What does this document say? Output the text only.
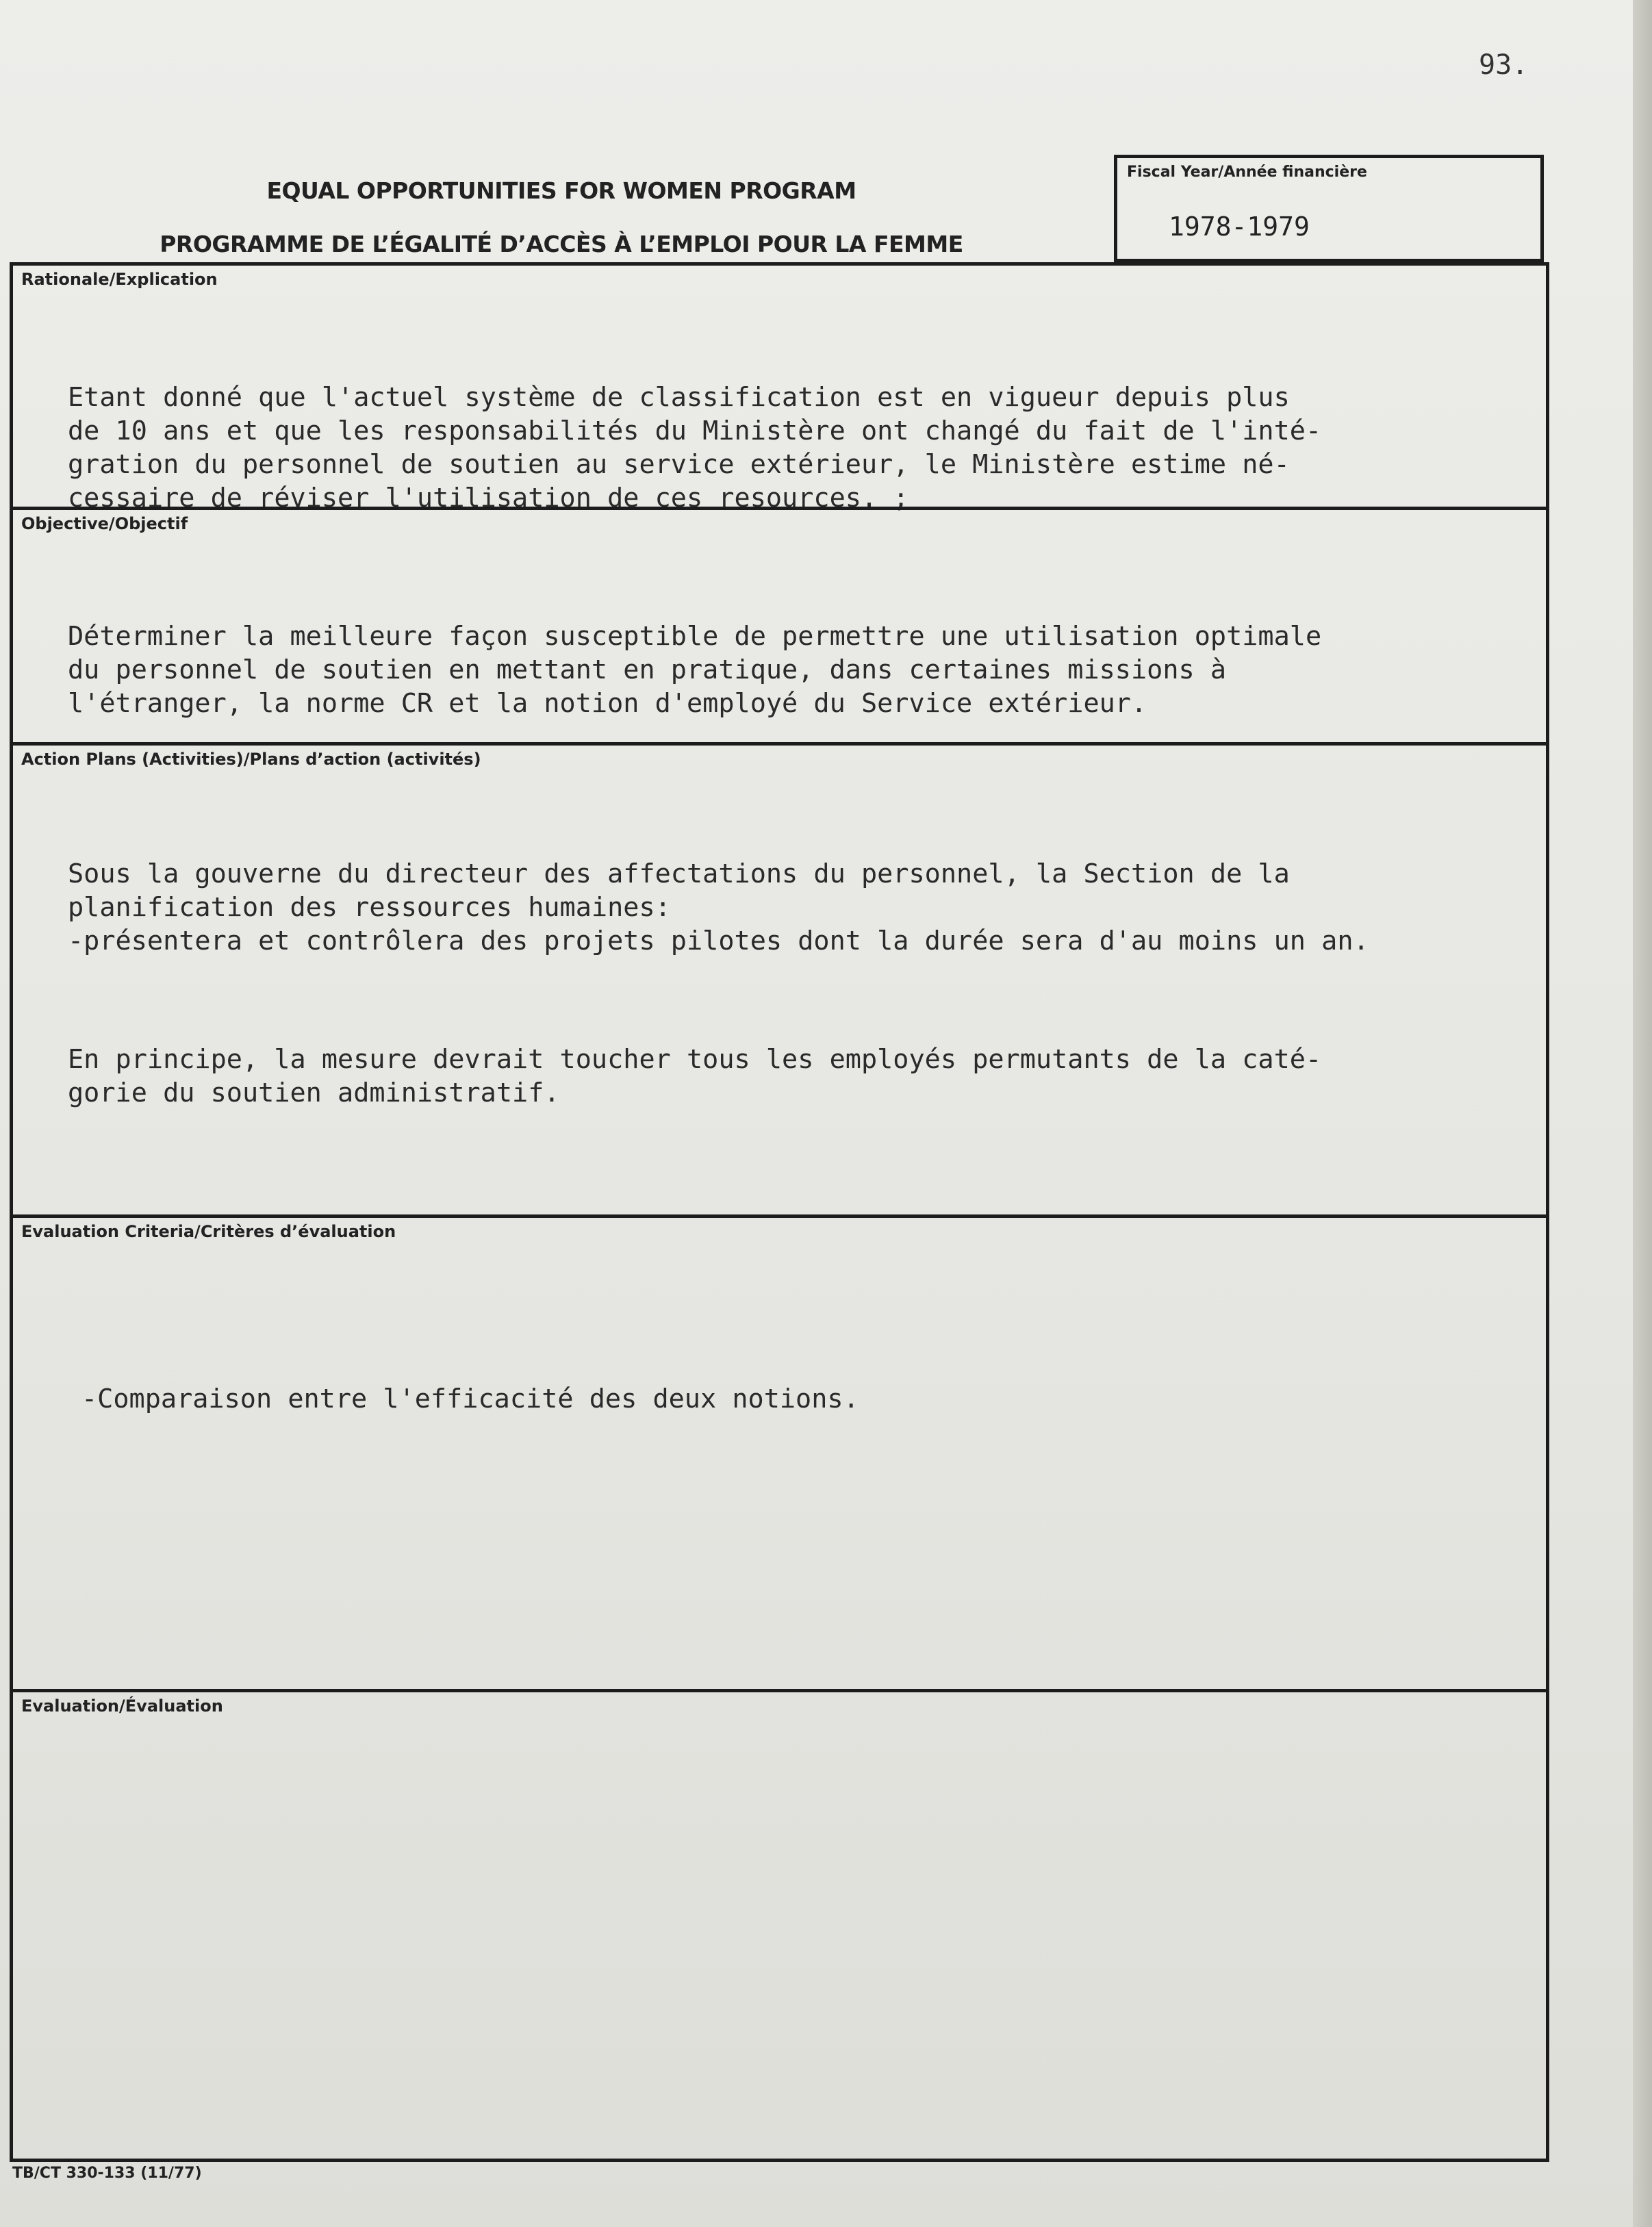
93.
EQUAL OPPORTUNITIES FOR WOMEN PROGRAM
PROGRAMME DE L’ÉGALITÉ D’ACCÈS À L’EMPLOI POUR LA FEMME
Fiscal Year/Année financière
1978-1979
Rationale/Explication

Etant donné que l'actuel système de classification est en vigueur depuis plus
de 10 ans et que les responsabilités du Ministère ont changé du fait de l'inté-
gration du personnel de soutien au service extérieur, le Ministère estime né-
cessaire de réviser l'utilisation de ces resources. ;

Objective/Objectif

Déterminer la meilleure façon susceptible de permettre une utilisation optimale
du personnel de soutien en mettant en pratique, dans certaines missions à
l'étranger, la norme CR et la notion d'employé du Service extérieur.

Action Plans (Activities)/Plans d’action (activités)

Sous la gouverne du directeur des affectations du personnel, la Section de la
planification des ressources humaines:
-présentera et contrôlera des projets pilotes dont la durée sera d'au moins un an.

En principe, la mesure devrait toucher tous les employés permutants de la caté-
gorie du soutien administratif.

Evaluation Criteria/Critères d’évaluation

-Comparaison entre l'efficacité des deux notions.

Evaluation/Évaluation
TB/CT 330-133 (11/77)
